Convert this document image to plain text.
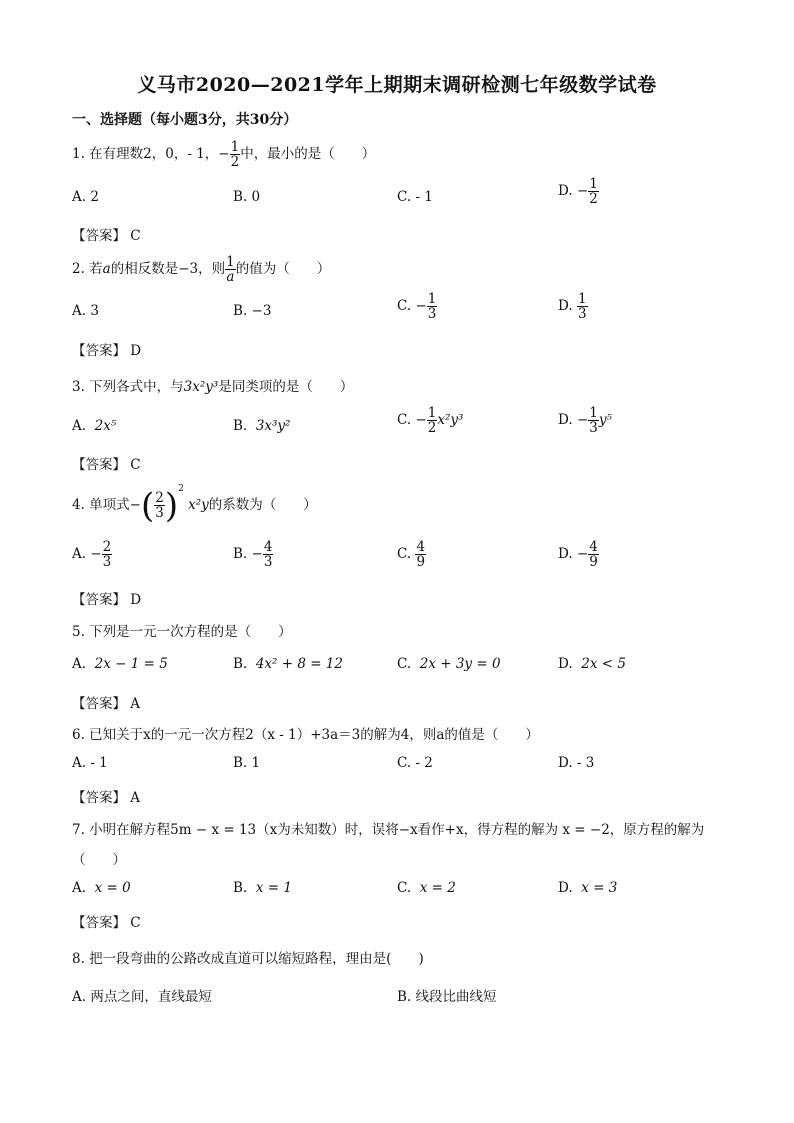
义马市2020—2021学年上期期末调研检测七年级数学试卷
一、选择题（每小题3分，共30分）
1. 在有理数2，0，- 1，− $\frac{1}{2}$ 中，最小的是（　　）
A. 2	B. 0	C. - 1	D. − $\frac{1}{2}$
【答案】 C
2. 若a的相反数是−3，则 $\frac{1}{a}$ 的值为（　　）
A. 3	B. −3	C. − $\frac{1}{3}$	D. $\frac{1}{3}$
【答案】 D
3. 下列各式中，与3x²y³是同类项的是（　　）
A. 2x⁵	B. 3x³y²	C. − $\frac{1}{2} x^2y^3$	D. − $\frac{1}{3} y^5$
【答案】 C
4. 单项式−( $\frac{2}{3} )^2$ x²y的系数为（　　）
A. − $\frac{2}{3}$	B. − $\frac{4}{3}$	C. $\frac{4}{9}$	D. − $\frac{4}{9}$
【答案】 D
5. 下列是一元一次方程的是（　　）
A. 2x − 1 = 5	B. 4x² + 8 = 12	C. 2x + 3y = 0	D. 2x < 5
【答案】 A
6. 已知关于x的一元一次方程2（x - 1）+3a＝3的解为4，则a的值是（　　）
A. - 1	B. 1	C. - 2	D. - 3
【答案】 A
7. 小明在解方程5m − x = 13（x为未知数）时，误将−x看作+x，得方程的解为 x = −2，原方程的解为
（　　）
A. x = 0	B. x = 1	C. x = 2	D. x = 3
【答案】 C
8. 把一段弯曲的公路改成直道可以缩短路程，理由是(　　)
A. 两点之间，直线最短	B. 线段比曲线短
